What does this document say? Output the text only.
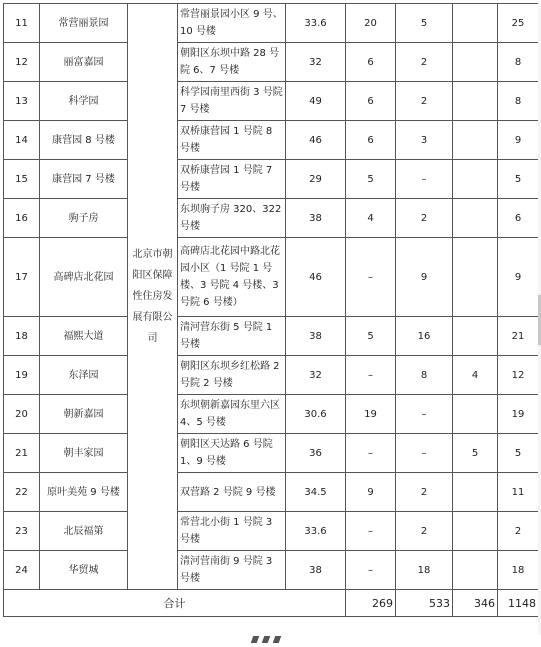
11	常营丽景园	北京市朝阳区保障性住房发展有限公司	常营丽景园小区 9 号、10 号楼	33.6	20	5		25
12	丽富嘉园		朝阳区东坝中路 28 号院 6、7 号楼	32	6	2		8
13	科学园		科学园南里西街 3 号院 7 号楼	49	6	2		8
14	康营园 8 号楼		双桥康营园 1 号院 8 号楼	46	6	3		9
15	康营园 7 号楼		双桥康营园 1 号院 7 号楼	29	5	–		5
16	驹子房		东坝驹子房 320、322 号楼	38	4	2		6
17	高碑店北花园		高碑店北花园中路北花园小区（1 号院 1 号楼、3 号院 4 号楼、3 号院 6 号楼）	46	–	9		9
18	福熙大道		清河营东街 5 号院 1 号楼	38	5	16		21
19	东泽园		朝阳区东坝乡红松路 2 号院 2 号楼	32	–	8	4	12
20	朝新嘉园		东坝朝新嘉园东里六区 4、5 号楼	30.6	19	–		19
21	朝丰家园		朝阳区天达路 6 号院 1、9 号楼	36	–	–	5	5
22	原叶美苑 9 号楼		双营路 2 号院 9 号楼	34.5	9	2		11
23	北辰福第		常营北小街 1 号院 3 号楼	33.6	–	2		2
24	华贸城		清河营南街 9 号院 3 号楼	38	–	18		18
合计					269	533	346	1148
